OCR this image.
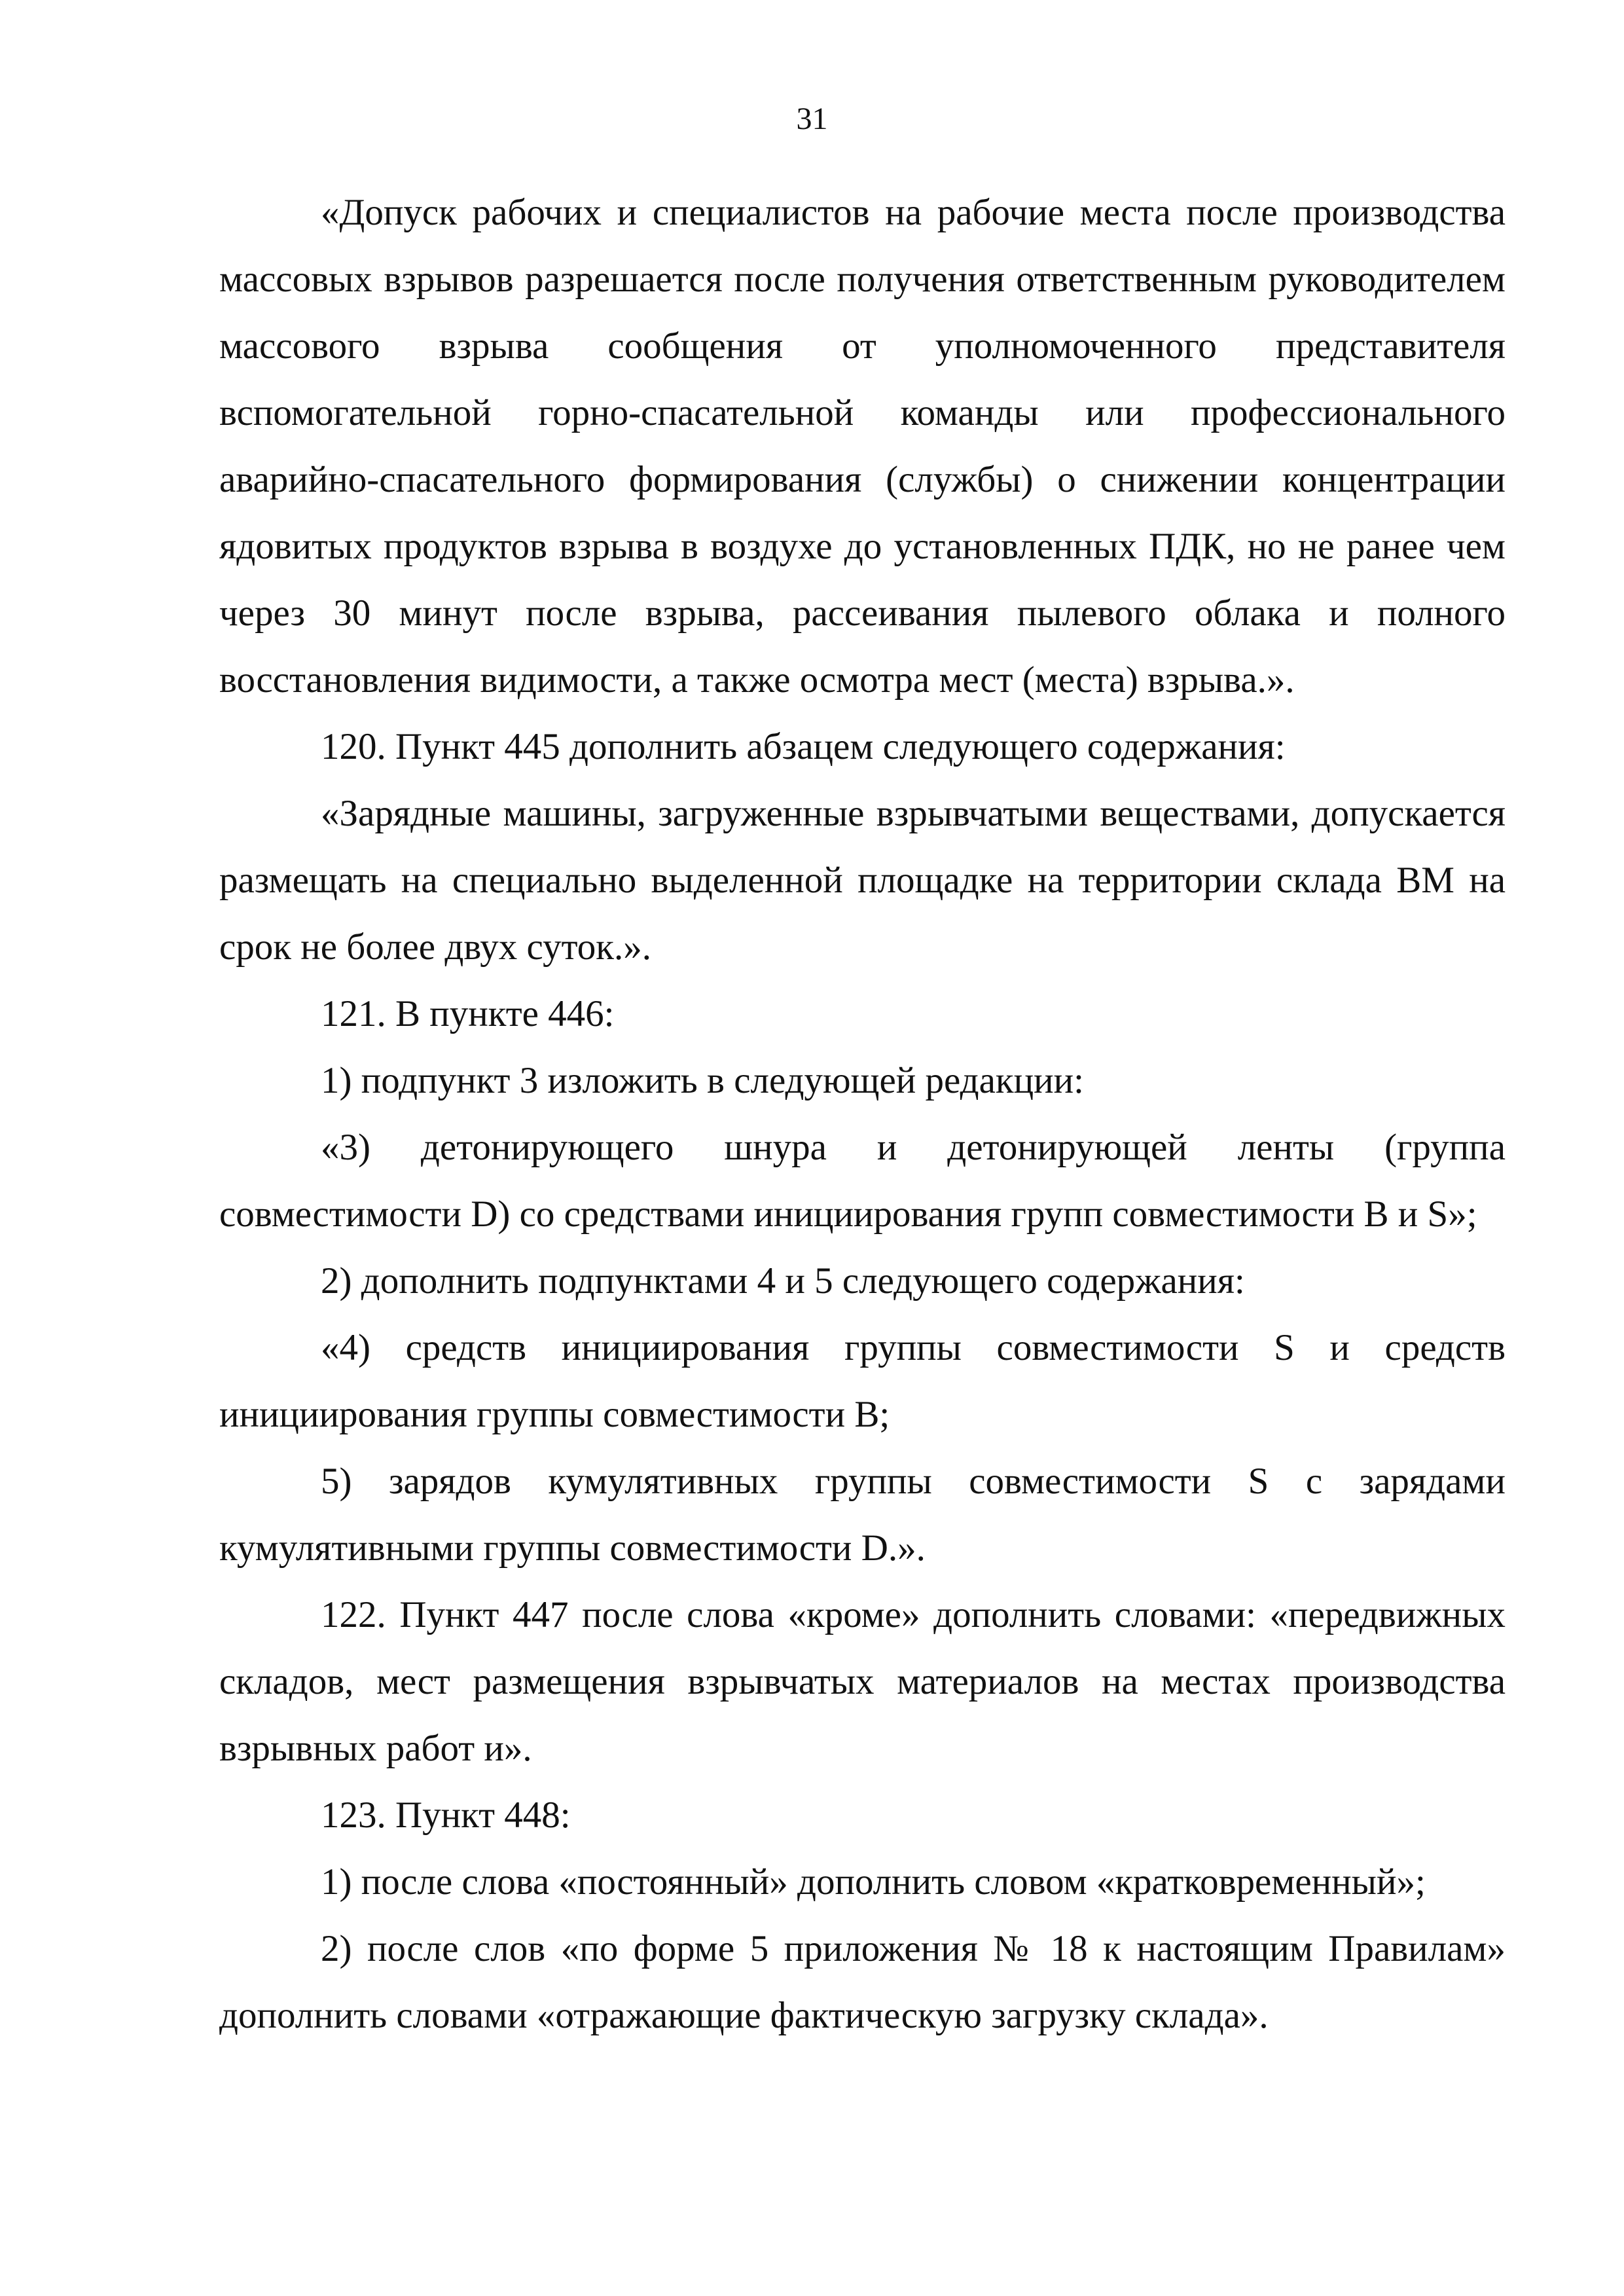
31

«Допуск рабочих и специалистов на рабочие места после производства массовых взрывов разрешается после получения ответственным руководителем массового взрыва сообщения от уполномоченного представителя вспомогательной горно-спасательной команды или профессионального аварийно-спасательного формирования (службы) о снижении концентрации ядовитых продуктов взрыва в воздухе до установленных ПДК, но не ранее чем через 30 минут после взрыва, рассеивания пылевого облака и полного восстановления видимости, а также осмотра мест (места) взрыва.».

120. Пункт 445 дополнить абзацем следующего содержания:

«Зарядные машины, загруженные взрывчатыми веществами, допускается размещать на специально выделенной площадке на территории склада ВМ на срок не более двух суток.».

121. В пункте 446:

1) подпункт 3 изложить в следующей редакции:

«3) детонирующего шнура и детонирующей ленты (группа совместимости D) со средствами инициирования групп совместимости B и S»;

2) дополнить подпунктами 4 и 5 следующего содержания:

«4) средств инициирования группы совместимости S и средств инициирования группы совместимости B;

5) зарядов кумулятивных группы совместимости S с зарядами кумулятивными группы совместимости D.».

122. Пункт 447 после слова «кроме» дополнить словами: «передвижных складов, мест размещения взрывчатых материалов на местах производства взрывных работ и».

123. Пункт 448:

1) после слова «постоянный» дополнить словом «кратковременный»;

2) после слов «по форме 5 приложения № 18 к настоящим Правилам» дополнить словами «отражающие фактическую загрузку склада».
